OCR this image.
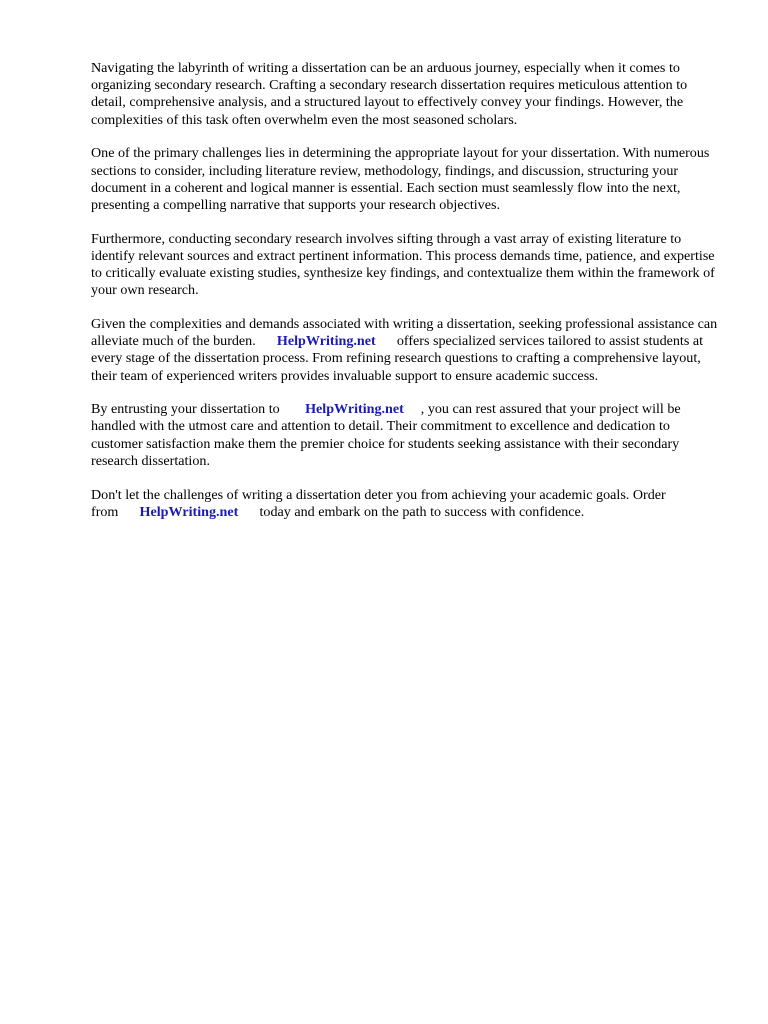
Navigating the labyrinth of writing a dissertation can be an arduous journey, especially when it comes to organizing secondary research. Crafting a secondary research dissertation requires meticulous attention to detail, comprehensive analysis, and a structured layout to effectively convey your findings. However, the complexities of this task often overwhelm even the most seasoned scholars.

One of the primary challenges lies in determining the appropriate layout for your dissertation. With numerous sections to consider, including literature review, methodology, findings, and discussion, structuring your document in a coherent and logical manner is essential. Each section must seamlessly flow into the next, presenting a compelling narrative that supports your research objectives.

Furthermore, conducting secondary research involves sifting through a vast array of existing literature to identify relevant sources and extract pertinent information. This process demands time, patience, and expertise to critically evaluate existing studies, synthesize key findings, and contextualize them within the framework of your own research.

Given the complexities and demands associated with writing a dissertation, seeking professional assistance can alleviate much of the burden. HelpWriting.net offers specialized services tailored to assist students at every stage of the dissertation process. From refining research questions to crafting a comprehensive layout, their team of experienced writers provides invaluable support to ensure academic success.

By entrusting your dissertation to HelpWriting.net , you can rest assured that your project will be handled with the utmost care and attention to detail. Their commitment to excellence and dedication to customer satisfaction make them the premier choice for students seeking assistance with their secondary research dissertation.

Don't let the challenges of writing a dissertation deter you from achieving your academic goals. Order from HelpWriting.net today and embark on the path to success with confidence.
